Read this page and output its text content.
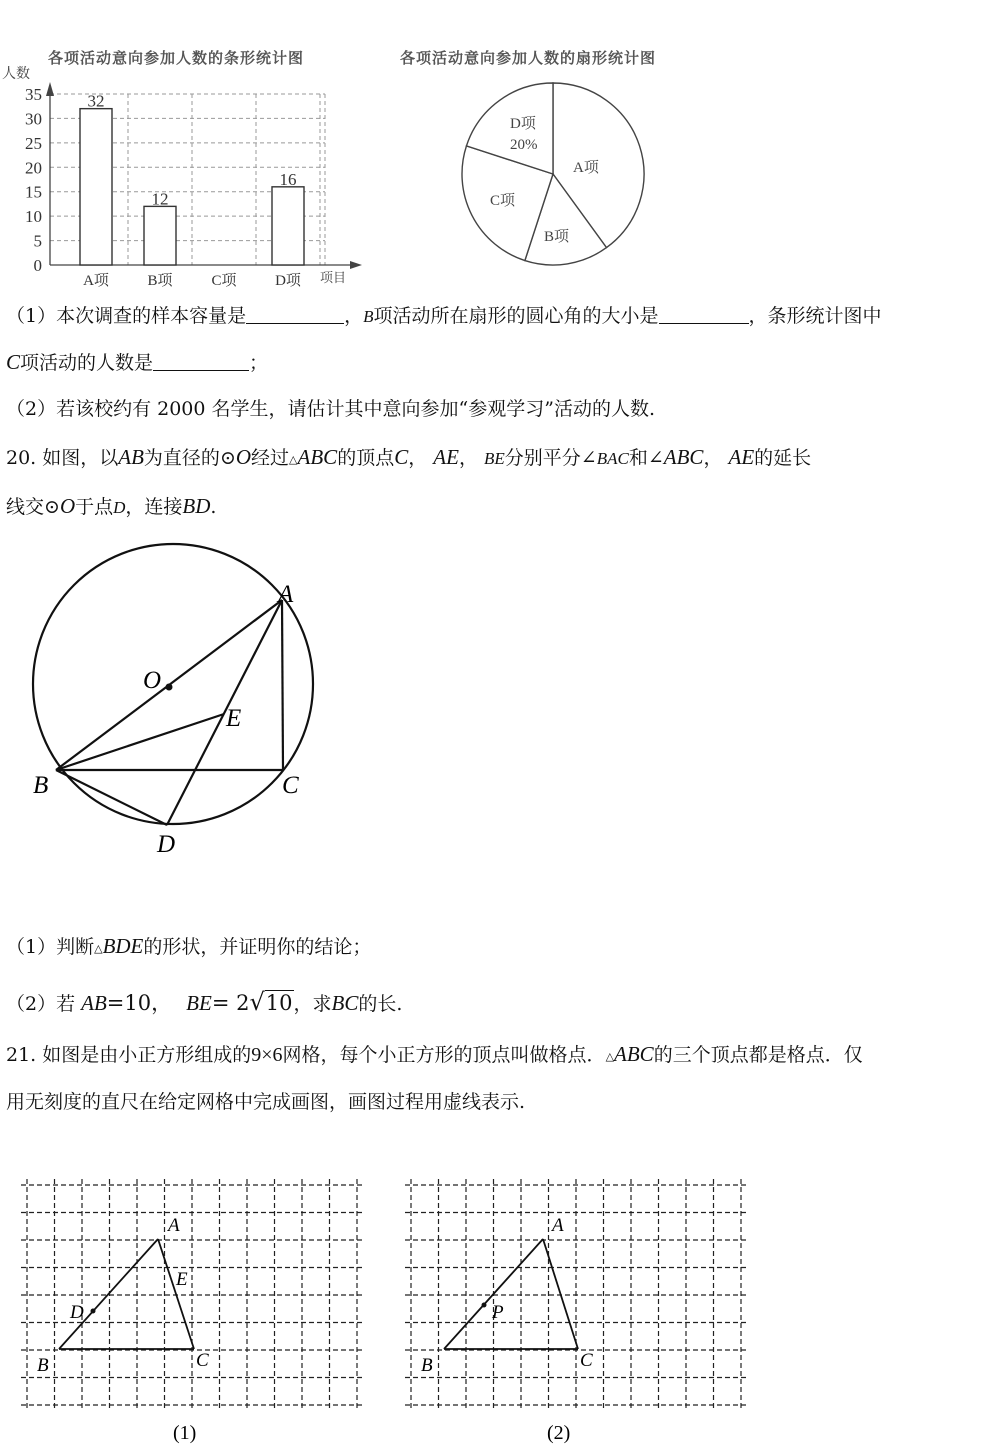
各项活动意向参加人数的条形统计图
人数
项目
0
5
10
15
20
25
30
35	32
12
16
A项	B项	C项	D项
各项活动意向参加人数的扇形统计图
D项
20%
A项
C项
B项
（1）本次调查的样本容量是	，B项活动所在扇形的圆心角的大小是	，条形统计图中
C项活动的人数是	；
（2）若该校约有 2000 名学生，请估计其中意向参加“参观学习”活动的人数.
20. 如图，以AB为直径的⊙O经过△ABC的顶点C， AE， BE分别平分∠BAC和∠ABC， AE的延长
线交⊙O于点D，连接BD.
A
O
E
B	C
D
（1）判断△BDE的形状，并证明你的结论；
（2）若 AB=10， BE= 2√10，求BC的长.
21. 如图是由小正方形组成的9×6网格，每个小正方形的顶点叫做格点．△ABC的三个顶点都是格点．仅
用无刻度的直尺在给定网格中完成画图，画图过程用虚线表示.
A
E
D
B	C
(1)
A
P
B	C
(2)
